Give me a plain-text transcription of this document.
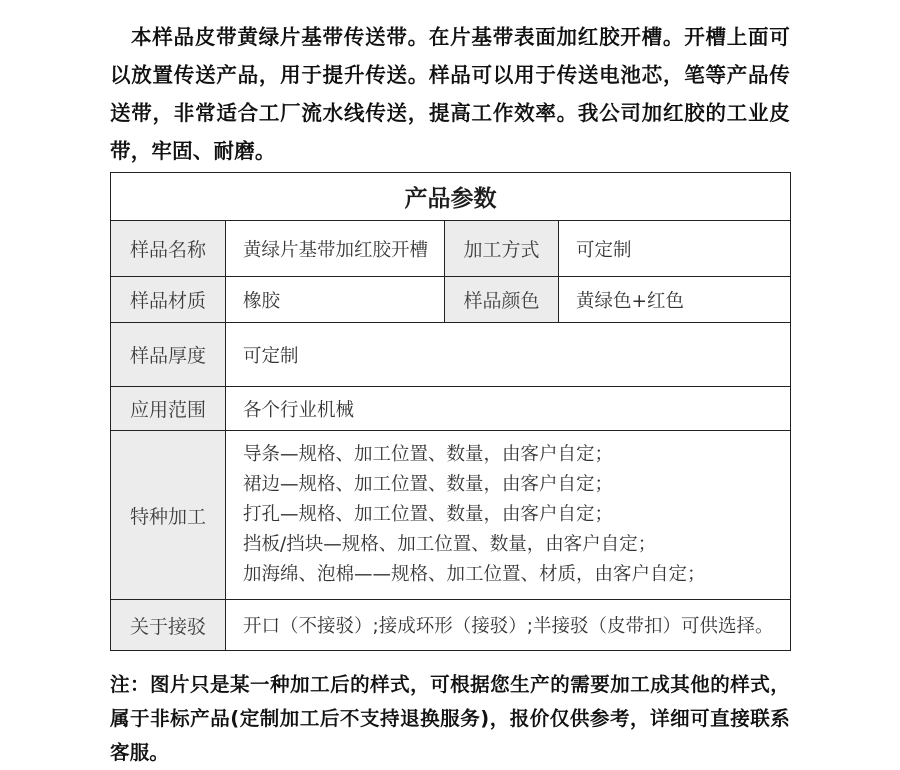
本样品皮带黄绿片基带传送带。在片基带表面加红胶开槽。开槽上面可以放置传送产品，用于提升传送。样品可以用于传送电池芯，笔等产品传送带，非常适合工厂流水线传送，提高工作效率。我公司加红胶的工业皮带，牢固、耐磨。

产品参数			
样品名称	黄绿片基带加红胶开槽	加工方式	可定制
样品材质	橡胶	样品颜色	黄绿色+红色
样品厚度	可定制		
应用范围	各个行业机械		
特种加工	导条—规格、加工位置、数量，由客户自定；
裙边—规格、加工位置、数量，由客户自定；
打孔—规格、加工位置、数量，由客户自定；
挡板/挡块—规格、加工位置、数量，由客户自定；
加海绵、泡棉——规格、加工位置、材质，由客户自定；		

关于接驳	开口（不接驳）;接成环形（接驳）;半接驳（皮带扣）可供选择。		

注：图片只是某一种加工后的样式，可根据您生产的需要加工成其他的样式，属于非标产品(定制加工后不支持退换服务)，报价仅供参考，详细可直接联系客服。
